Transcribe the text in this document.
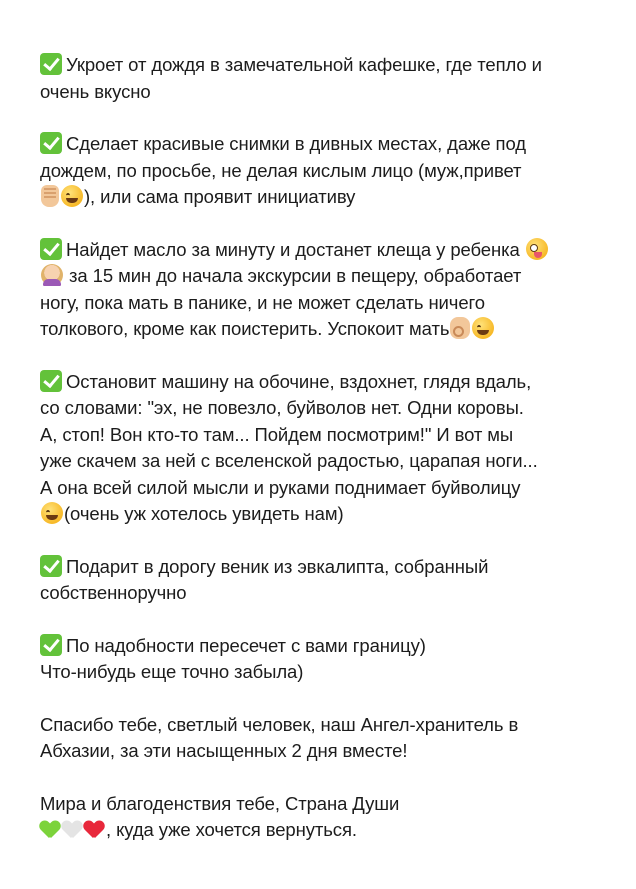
Укроет от дождя в замечательной кафешке, где тепло и
очень вкусно

Сделает красивые снимки в дивных местах, даже под
дождем, по просьбе, не делая кислым лицо (муж,привет
), или сама проявит инициативу

Найдет масло за минуту и достанет клеща у ребенка
за 15 мин до начала экскурсии в пещеру, обработает
ногу, пока мать в панике, и не может сделать ничего
толкового, кроме как поистерить. Успокоит мать

Остановит машину на обочине, вздохнет, глядя вдаль,
со словами: "эх, не повезло, буйволов нет. Одни коровы.
А, стоп! Вон кто-то там... Пойдем посмотрим!" И вот мы
уже скачем за ней с вселенской радостью, царапая ноги...
А она всей силой мысли и руками поднимает буйволицу
(очень уж хотелось увидеть нам)

Подарит в дорогу веник из эвкалипта, собранный
собственноручно

По надобности пересечет с вами границу)
Что-нибудь еще точно забыла)

Спасибо тебе, светлый человек, наш Ангел-хранитель в
Абхазии, за эти насыщенных 2 дня вместе!

Мира и благоденствия тебе, Страна Души
, куда уже хочется вернуться.
